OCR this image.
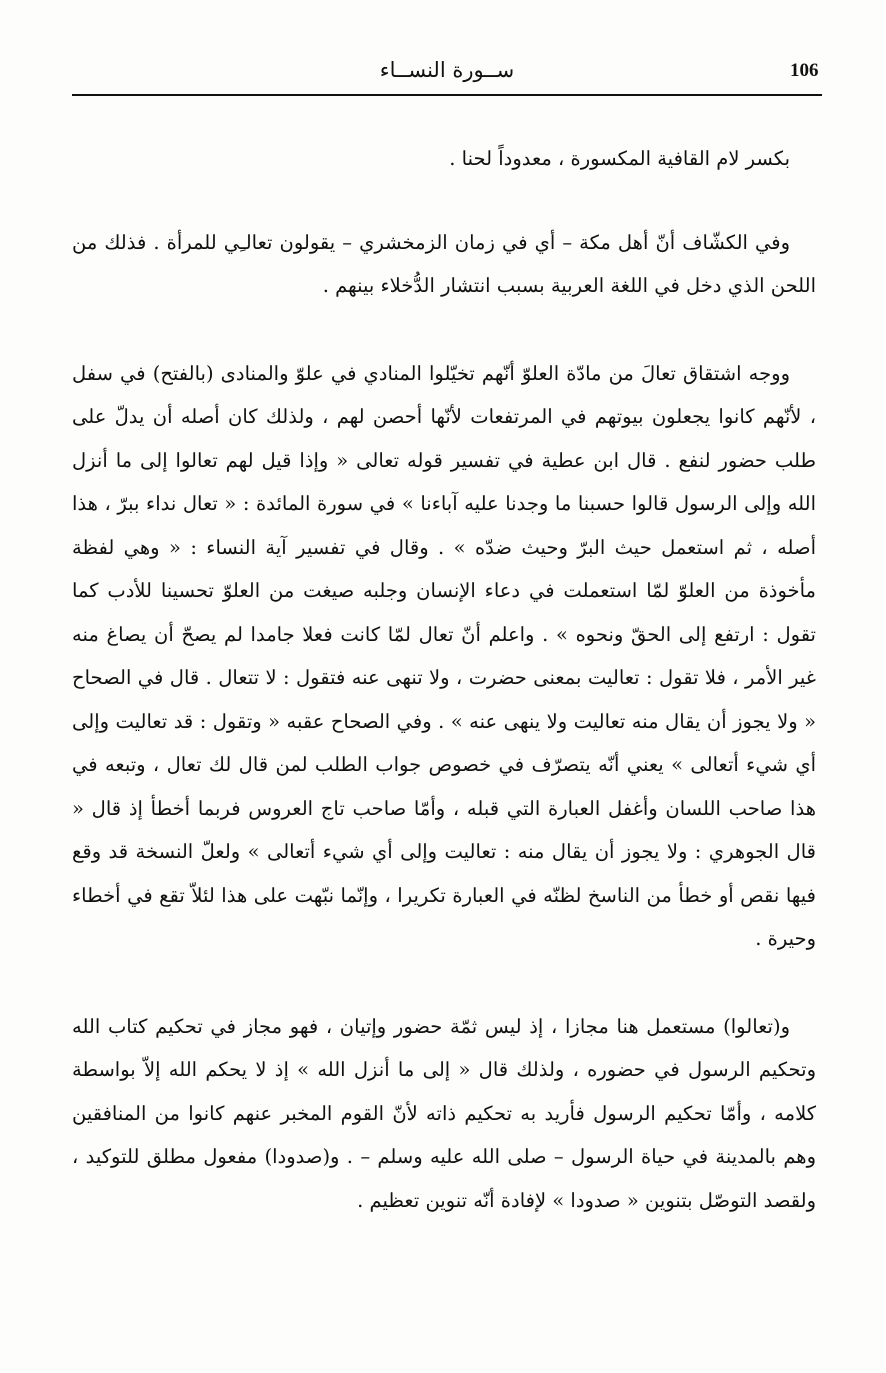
106
ســورة النســاء

بكسر لام القافية المكسورة ، معدوداً لحنا .

وفي الكشّاف أنّ أهل مكة – أي في زمان الزمخشري – يقولون تعالـِي للمرأة . فذلك من اللحن الذي دخل في اللغة العربية بسبب انتشار الدُّخلاء بينهم .

ووجه اشتقاق تعالَ من مادّة العلوّ أنّهم تخيّلوا المنادي في علوّ والمنادى (بالفتح) في سفل ، لأنّهم كانوا يجعلون بيوتهم في المرتفعات لأنّها أحصن لهم ، ولذلك كان أصله أن يدلّ على طلب حضور لنفع . قال ابن عطية في تفسير قوله تعالى « وإذا قيل لهم تعالوا إلى ما أنزل الله وإلى الرسول قالوا حسبنا ما وجدنا عليه آباءنا » في سورة المائدة : « تعال نداء ببرّ ، هذا أصله ، ثم استعمل حيث البرّ وحيث ضدّه » . وقال في تفسير آية النساء : « وهي لفظة مأخوذة من العلوّ لمّا استعملت في دعاء الإنسان وجلبه صيغت من العلوّ تحسينا للأدب كما تقول : ارتفع إلى الحقّ ونحوه » . واعلم أنّ تعال لمّا كانت فعلا جامدا لم يصحّ أن يصاغ منه غير الأمر ، فلا تقول : تعاليت بمعنى حضرت ، ولا تنهى عنه فتقول : لا تتعال . قال في الصحاح « ولا يجوز أن يقال منه تعاليت ولا ينهى عنه » . وفي الصحاح عقبه « وتقول : قد تعاليت وإلى أي شيء أتعالى » يعني أنّه يتصرّف في خصوص جواب الطلب لمن قال لك تعال ، وتبعه في هذا صاحب اللسان وأغفل العبارة التي قبله ، وأمّا صاحب تاج العروس فربما أخطأ إذ قال « قال الجوهري : ولا يجوز أن يقال منه : تعاليت وإلى أي شيء أتعالى » ولعلّ النسخة قد وقع فيها نقص أو خطأ من الناسخ لظنّه في العبارة تكريرا ، وإنّما نبّهت على هذا لئلاّ تقع في أخطاء وحيرة .

و(تعالوا) مستعمل هنا مجازا ، إذ ليس ثمّة حضور وإتيان ، فهو مجاز في تحكيم كتاب الله وتحكيم الرسول في حضوره ، ولذلك قال « إلى ما أنزل الله » إذ لا يحكم الله إلاّ بواسطة كلامه ، وأمّا تحكيم الرسول فأريد به تحكيم ذاته لأنّ القوم المخبر عنهم كانوا من المنافقين وهم بالمدينة في حياة الرسول – صلى الله عليه وسلم – . و(صدودا) مفعول مطلق للتوكيد ، ولقصد التوصّل بتنوين « صدودا » لإفادة أنّه تنوين تعظيم .
